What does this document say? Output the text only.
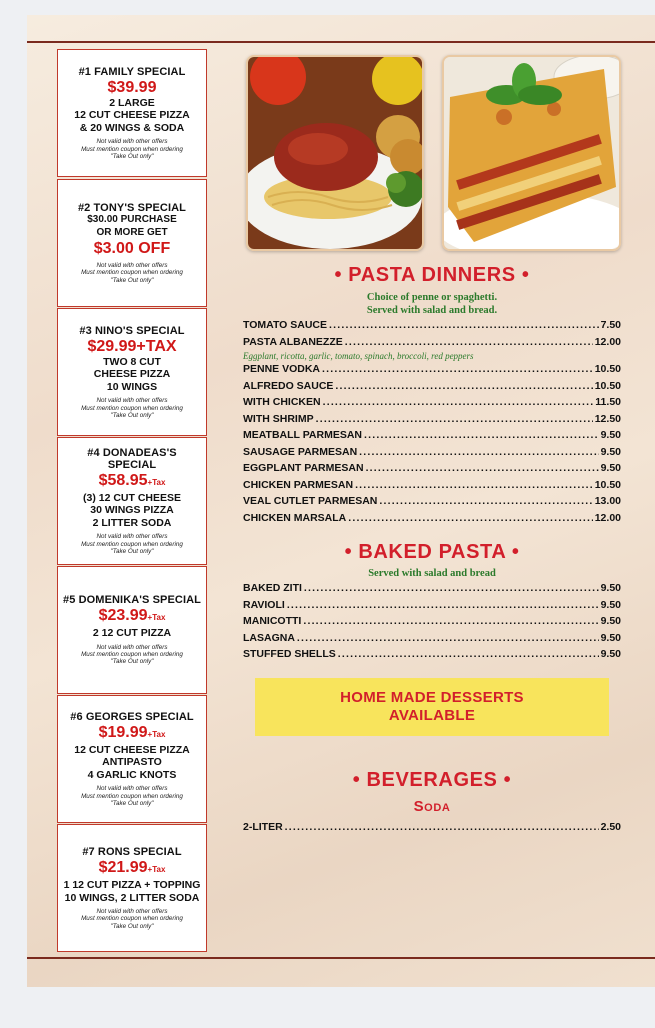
#1 FAMILY SPECIAL
$39.99
2 LARGE
12 CUT CHEESE PIZZA
& 20 WINGS & SODA
Not valid with other offers
Must mention coupon when ordering
"Take Out only"
#2 TONY'S SPECIAL
$30.00 PURCHASE
OR MORE GET
$3.00 OFF
Not valid with other offers
Must mention coupon when ordering
"Take Out only"
#3 NINO'S SPECIAL
$29.99+TAX
TWO 8 CUT
CHEESE PIZZA
10 WINGS
Not valid with other offers
Must mention coupon when ordering
"Take Out only"
#4 DONADEAS'S SPECIAL
$58.95+Tax
(3) 12 CUT CHEESE
30 WINGS PIZZA
2 LITTER SODA
Not valid with other offers
Must mention coupon when ordering
"Take Out only"
#5 DOMENIKA'S SPECIAL
$23.99+Tax
2 12 CUT PIZZA
Not valid with other offers
Must mention coupon when ordering
"Take Out only"
#6 GEORGES SPECIAL
$19.99+Tax
12 CUT CHEESE PIZZA
ANTIPASTO
4 GARLIC KNOTS
Not valid with other offers
Must mention coupon when ordering
"Take Out only"
#7 RONS SPECIAL
$21.99+Tax
1 12 CUT PIZZA + TOPPING
10 WINGS, 2 LITTER SODA
Not valid with other offers
Must mention coupon when ordering
"Take Out only"
• PASTA DINNERS •
Choice of penne or spaghetti.
Served with salad and bread.
TOMATO SAUCE .....	7.50
PASTA ALBANEZZE .....	12.00
Eggplant, ricotta, garlic, tomato, spinach, broccoli, red peppers
PENNE VODKA .....	10.50
ALFREDO SAUCE .....	10.50
WITH CHICKEN .....	11.50
WITH SHRIMP .....	12.50
MEATBALL PARMESAN .....	9.50
SAUSAGE PARMESAN .....	9.50
EGGPLANT PARMESAN .....	9.50
CHICKEN PARMESAN .....	10.50
VEAL CUTLET PARMESAN .....	13.00
CHICKEN MARSALA .....	12.00
• BAKED PASTA •
Served with salad and bread
BAKED ZITI .....	9.50
RAVIOLI .....	9.50
MANICOTTI .....	9.50
LASAGNA .....	9.50
STUFFED SHELLS .....	9.50
HOME MADE DESSERTS
AVAILABLE
• BEVERAGES •
Soda
2-LITER .....	2.50
